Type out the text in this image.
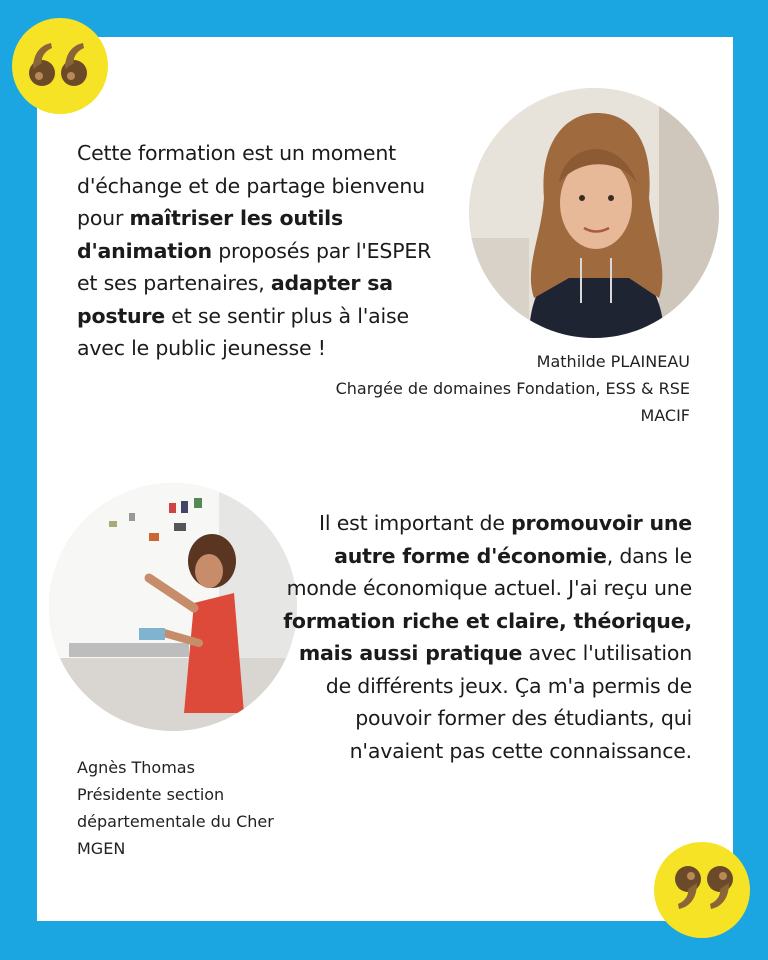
Cette formation est un moment d'échange et de partage bienvenu pour maîtriser les outils d'animation proposés par l'ESPER et ses partenaires, adapter sa posture et se sentir plus à l'aise avec le public jeunesse !
Mathilde PLAINEAU
Chargée de domaines Fondation, ESS & RSE
MACIF
Il est important de promouvoir une autre forme d'économie, dans le monde économique actuel. J'ai reçu une formation riche et claire, théorique, mais aussi pratique avec l'utilisation de différents jeux. Ça m'a permis de pouvoir former des étudiants, qui n'avaient pas cette connaissance.
Agnès Thomas
Présidente section
départementale du Cher
MGEN
